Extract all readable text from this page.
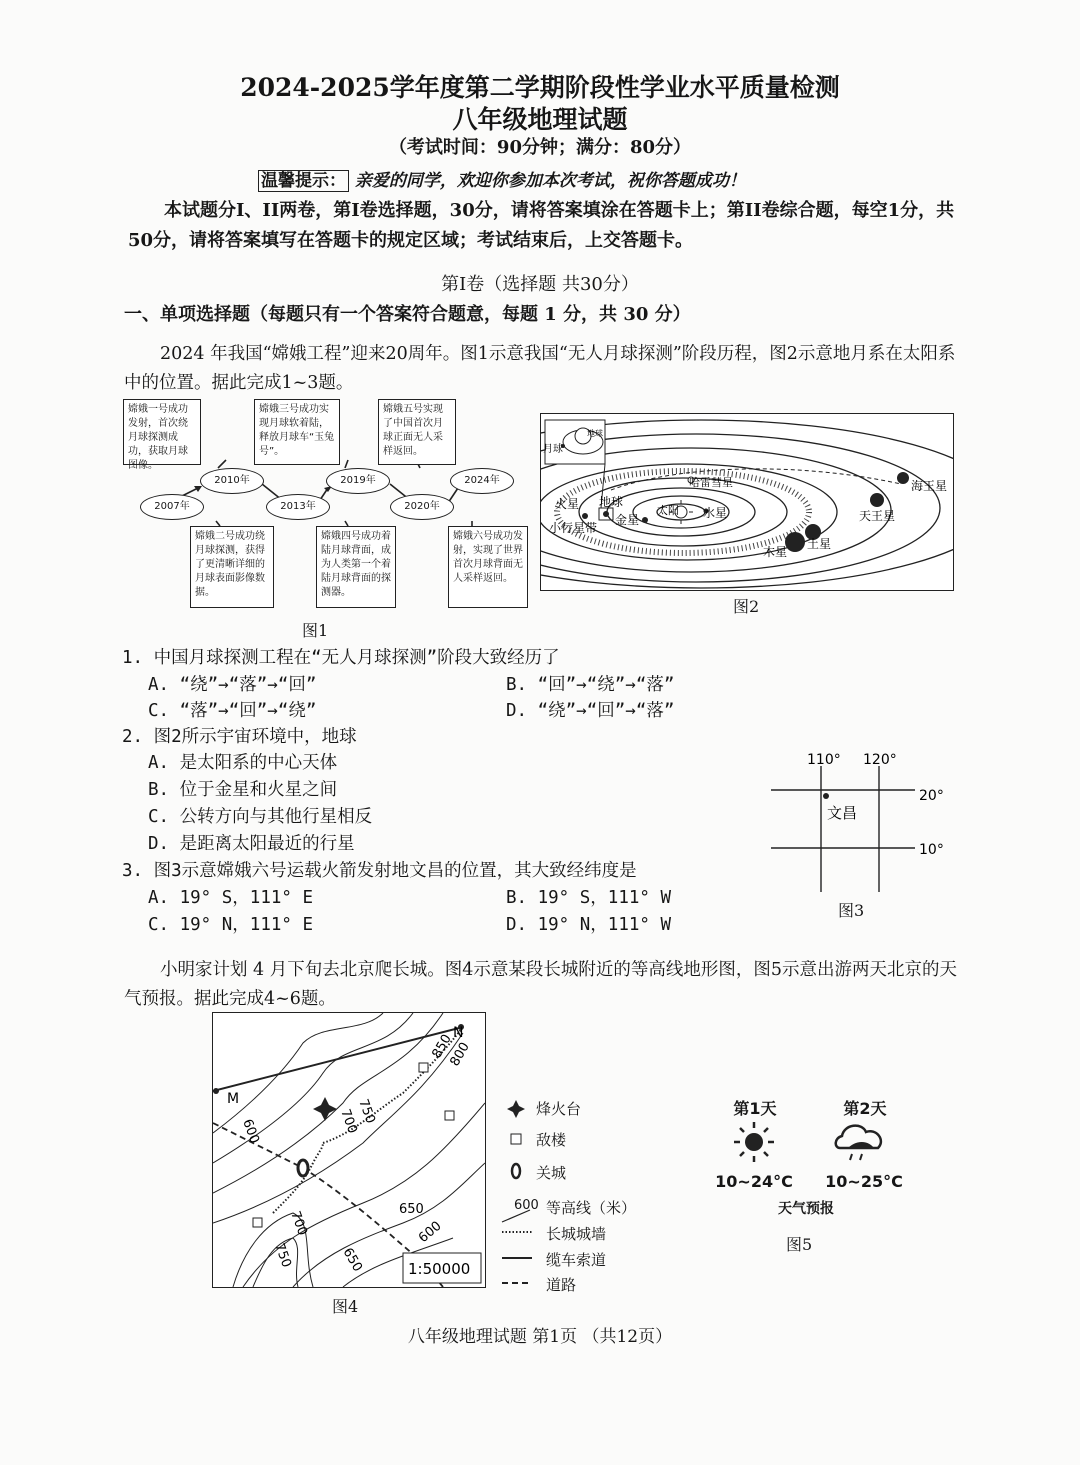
2024-2025学年度第二学期阶段性学业水平质量检测
八年级地理试题
（考试时间：90分钟；满分：80分）
温馨提示： 亲爱的同学，欢迎你参加本次考试，祝你答题成功！
本试题分I、II两卷，第I卷选择题，30分，请将答案填涂在答题卡上；第II卷综合题，每空1分，共50分，请将答案填写在答题卡的规定区域；考试结束后，上交答题卡。
第Ⅰ卷（选择题 共30分）
一、单项选择题（每题只有一个答案符合题意，每题 1 分，共 30 分）
2024 年我国“嫦娥工程”迎来20周年。图1示意我国“无人月球探测”阶段历程，图2示意地月系在太阳系中的位置。据此完成1~3题。
嫦娥一号成功发射，首次绕月球探测成功，获取月球图像。
嫦娥三号成功实现月球软着陆，释放月球车“玉兔号”。
嫦娥五号实现了中国首次月球正面无人采样返回。
2007年
2010年
2013年
2019年
2020年
2024年
嫦娥二号成功绕月球探测，获得了更清晰详细的月球表面影像数据。
嫦娥四号成功着陆月球背面，成为人类第一个着陆月球背面的探测器。
嫦娥六号成功发射，实现了世界首次月球背面无人采样返回。
图1
月球
地球
哈雷彗星
火星 地球
金星
太阳 水星
小行星带
木星
土星
天王星
海王星
图2
1. 中国月球探测工程在“无人月球探测”阶段大致经历了
A. “绕”→“落”→“回”	B. “回”→“绕”→“落”
C. “落”→“回”→“绕”	D. “绕”→“回”→“落”
2. 图2所示宇宙环境中，地球
A. 是太阳系的中心天体
B. 位于金星和火星之间
C. 公转方向与其他行星相反
D. 是距离太阳最近的行星
3. 图3示意嫦娥六号运载火箭发射地文昌的位置，其大致经纬度是
A. 19° S，111° E	B. 19° S，111° W
C. 19° N，111° E	D. 19° N，111° W
110° 120°
20°
10°
文昌
图3
小明家计划 4 月下旬去北京爬长城。图4示意某段长城附近的等高线地形图，图5示意出游两天北京的天气预报。据此完成4~6题。
1:50000
M
N
850
800
750
700
600
650
600
700
750	650
图4
烽火台
敌楼
关城
600 等高线（米）
长城城墙
缆车索道
道路
第1天	第2天
10~24°C	10~25°C
天气预报
图5
八年级地理试题 第1页 （共12页）
